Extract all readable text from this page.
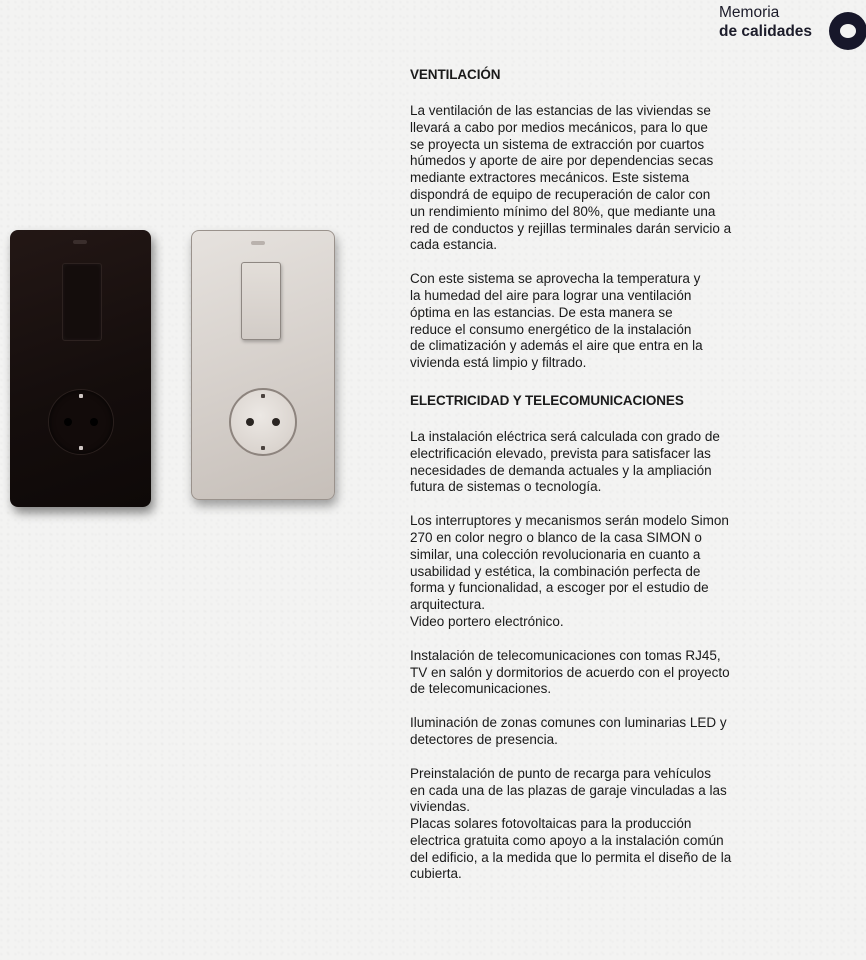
Memoria
de calidades
VENTILACIÓN
La ventilación de las estancias de las viviendas se
llevará a cabo por medios mecánicos, para lo que
se proyecta un sistema de extracción por cuartos
húmedos y aporte de aire por dependencias secas
mediante extractores mecánicos. Este sistema
dispondrá de equipo de recuperación de calor con
un rendimiento mínimo del 80%, que mediante una
red de conductos y rejillas terminales darán servicio a
cada estancia.
Con este sistema se aprovecha la temperatura y
la humedad del aire para lograr una ventilación
óptima en las estancias. De esta manera se
reduce el consumo energético de la instalación
de climatización y además el aire que entra en la
vivienda está limpio y filtrado.
ELECTRICIDAD Y TELECOMUNICACIONES
La instalación eléctrica será calculada con grado de
electrificación elevado, prevista para satisfacer las
necesidades de demanda actuales y la ampliación
futura de sistemas o tecnología.
Los interruptores y mecanismos serán modelo Simon
270 en color negro o blanco de la casa SIMON o
similar, una colección revolucionaria en cuanto a
usabilidad y estética, la combinación perfecta de
forma y funcionalidad, a escoger por el estudio de
arquitectura.
Video portero electrónico.
Instalación de telecomunicaciones con tomas RJ45,
TV en salón y dormitorios de acuerdo con el proyecto
de telecomunicaciones.
Iluminación de zonas comunes con luminarias LED y
detectores de presencia.
Preinstalación de punto de recarga para vehículos
en cada una de las plazas de garaje vinculadas a las
viviendas.
Placas solares fotovoltaicas para la producción
electrica gratuita como apoyo a la instalación común
del edificio, a la medida que lo permita el diseño de la
cubierta.
